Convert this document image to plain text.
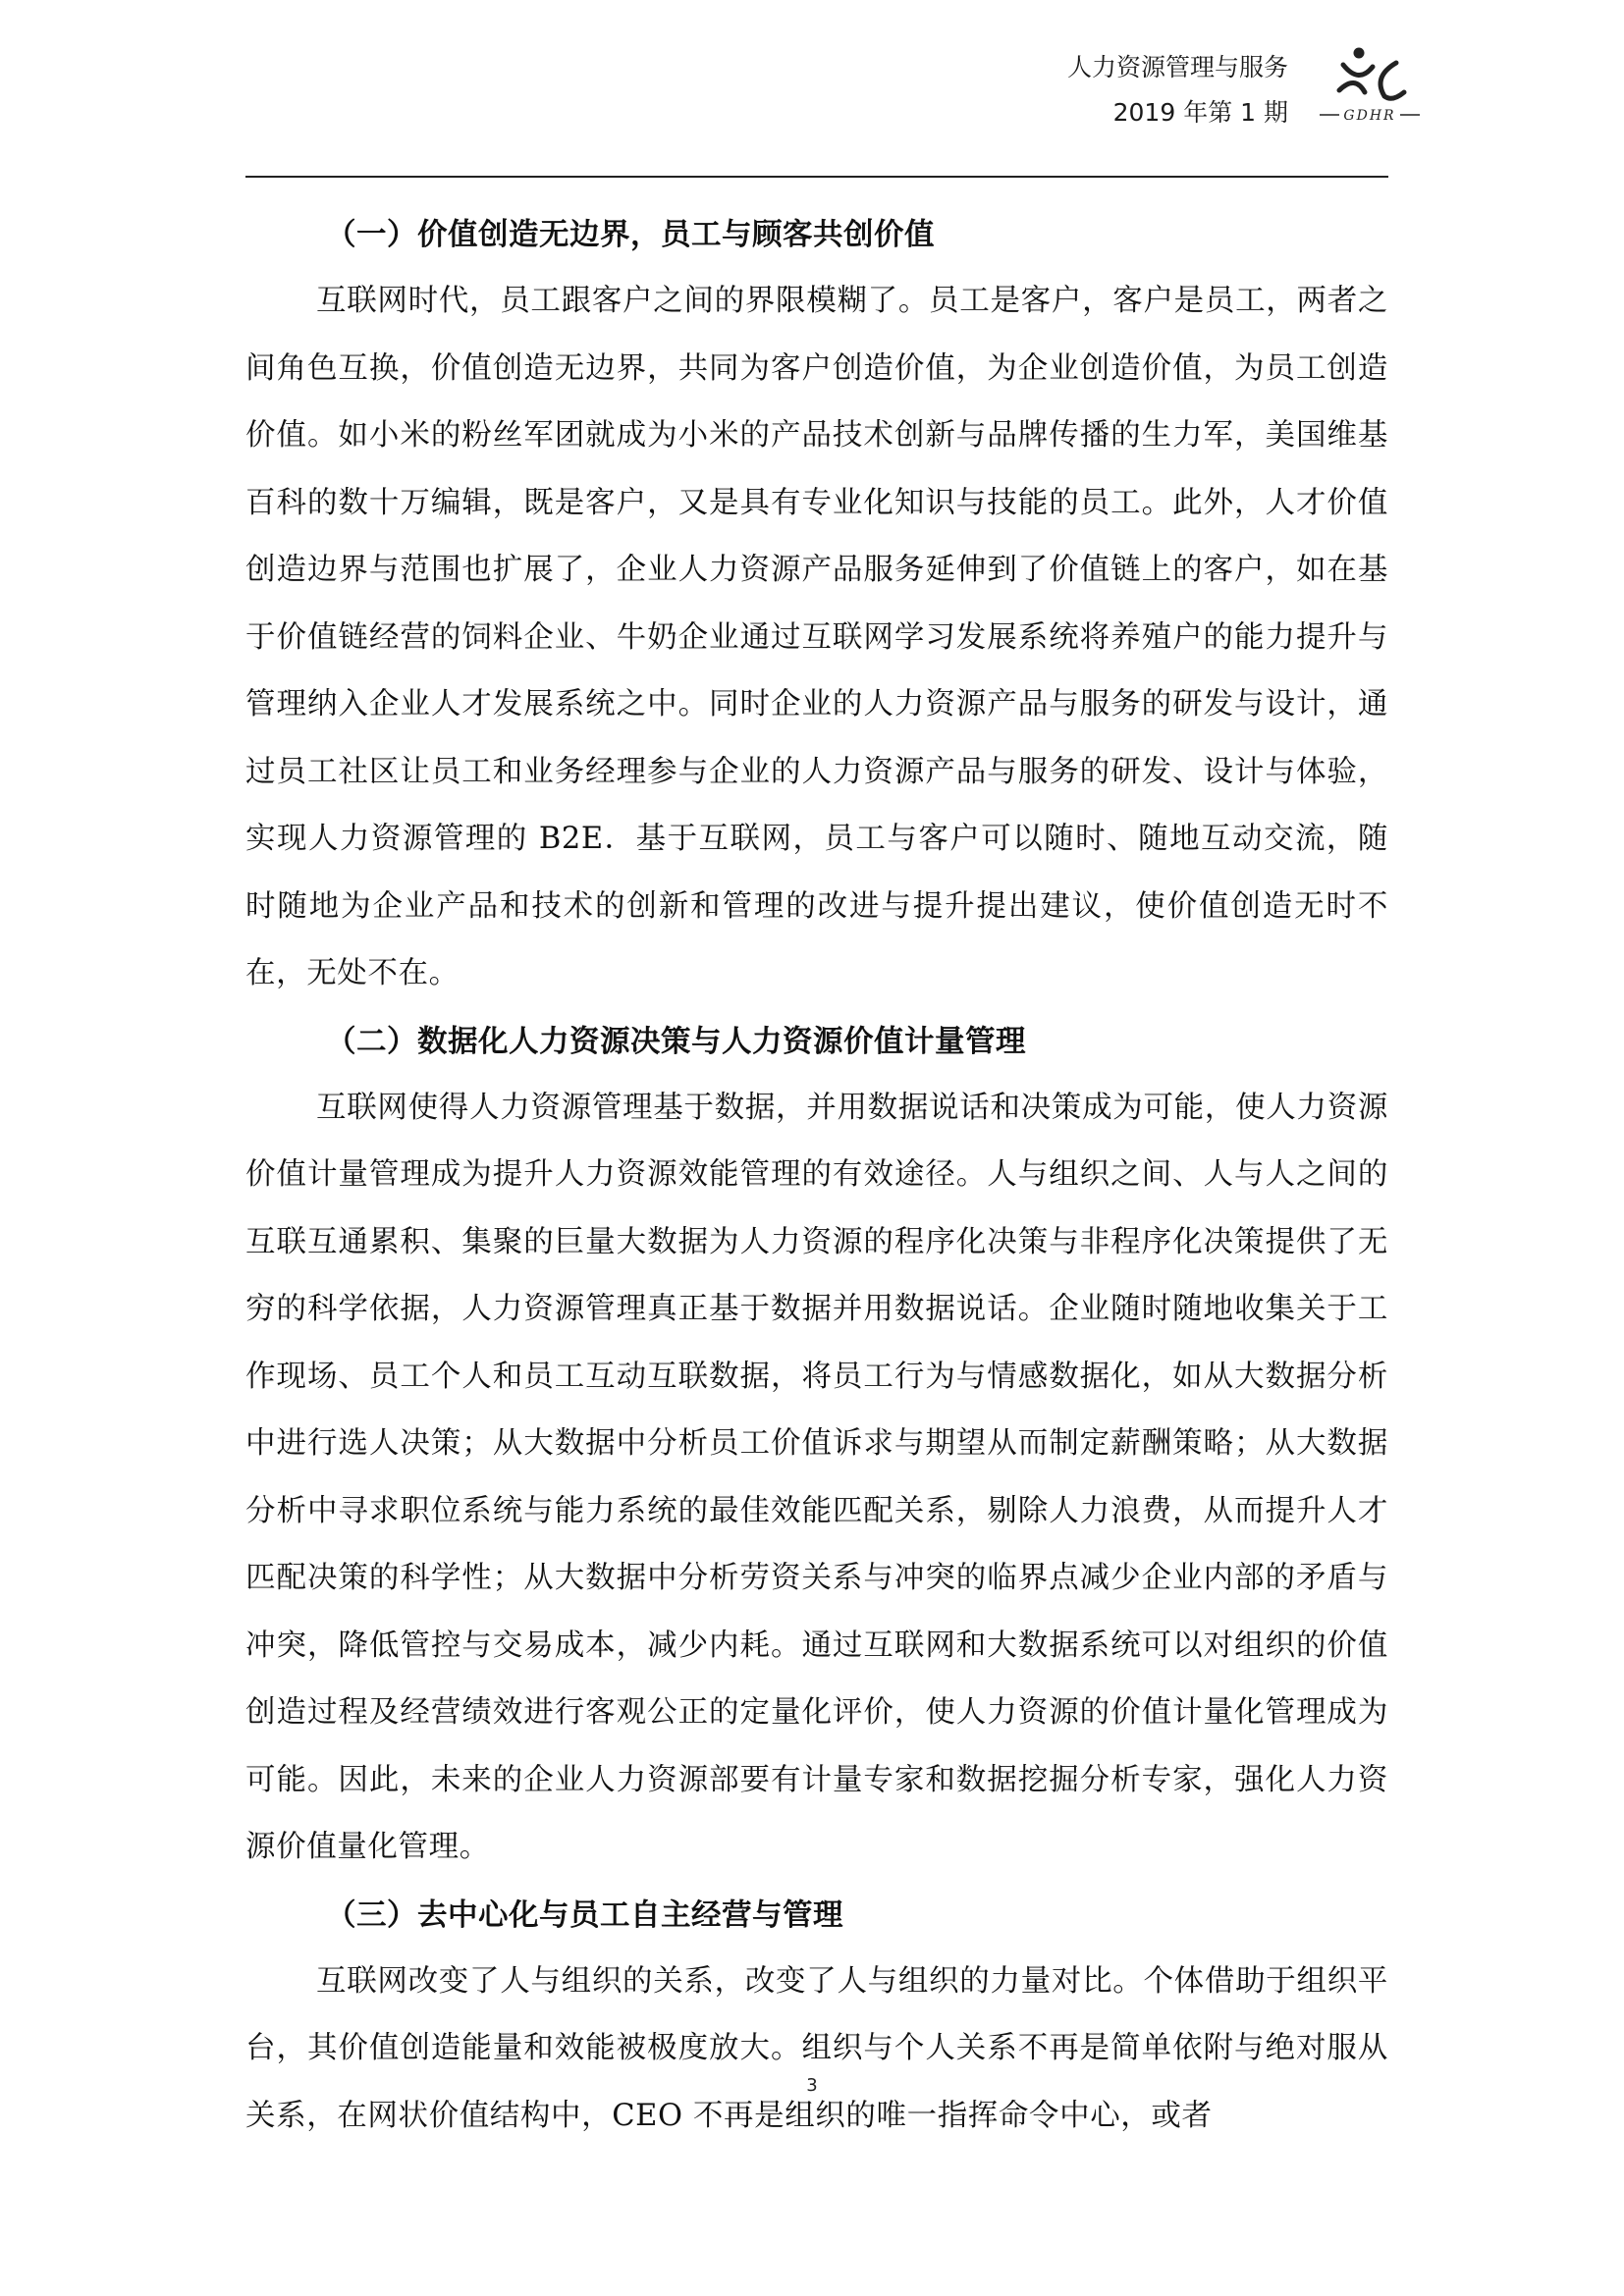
人力资源管理与服务
2019 年第 1 期	GDHR
（一）价值创造无边界，员工与顾客共创价值

互联网时代，员工跟客户之间的界限模糊了。员工是客户，客户是员工，两者之间角色互换，价值创造无边界，共同为客户创造价值，为企业创造价值，为员工创造价值。如小米的粉丝军团就成为小米的产品技术创新与品牌传播的生力军，美国维基百科的数十万编辑，既是客户，又是具有专业化知识与技能的员工。此外，人才价值创造边界与范围也扩展了，企业人力资源产品服务延伸到了价值链上的客户，如在基于价值链经营的饲料企业、牛奶企业通过互联网学习发展系统将养殖户的能力提升与管理纳入企业人才发展系统之中。同时企业的人力资源产品与服务的研发与设计，通过员工社区让员工和业务经理参与企业的人力资源产品与服务的研发、设计与体验，实现人力资源管理的 B2E．基于互联网，员工与客户可以随时、随地互动交流，随时随地为企业产品和技术的创新和管理的改进与提升提出建议，使价值创造无时不在，无处不在。

（二）数据化人力资源决策与人力资源价值计量管理

互联网使得人力资源管理基于数据，并用数据说话和决策成为可能，使人力资源价值计量管理成为提升人力资源效能管理的有效途径。人与组织之间、人与人之间的互联互通累积、集聚的巨量大数据为人力资源的程序化决策与非程序化决策提供了无穷的科学依据，人力资源管理真正基于数据并用数据说话。企业随时随地收集关于工作现场、员工个人和员工互动互联数据，将员工行为与情感数据化，如从大数据分析中进行选人决策；从大数据中分析员工价值诉求与期望从而制定薪酬策略；从大数据分析中寻求职位系统与能力系统的最佳效能匹配关系，剔除人力浪费，从而提升人才匹配决策的科学性；从大数据中分析劳资关系与冲突的临界点减少企业内部的矛盾与冲突，降低管控与交易成本，减少内耗。通过互联网和大数据系统可以对组织的价值创造过程及经营绩效进行客观公正的定量化评价，使人力资源的价值计量化管理成为可能。因此，未来的企业人力资源部要有计量专家和数据挖掘分析专家，强化人力资源价值量化管理。

（三）去中心化与员工自主经营与管理

互联网改变了人与组织的关系，改变了人与组织的力量对比。个体借助于组织平台，其价值创造能量和效能被极度放大。组织与个人关系不再是简单依附与绝对服从关系，在网状价值结构中，CEO 不再是组织的唯一指挥命令中心，或者

3
